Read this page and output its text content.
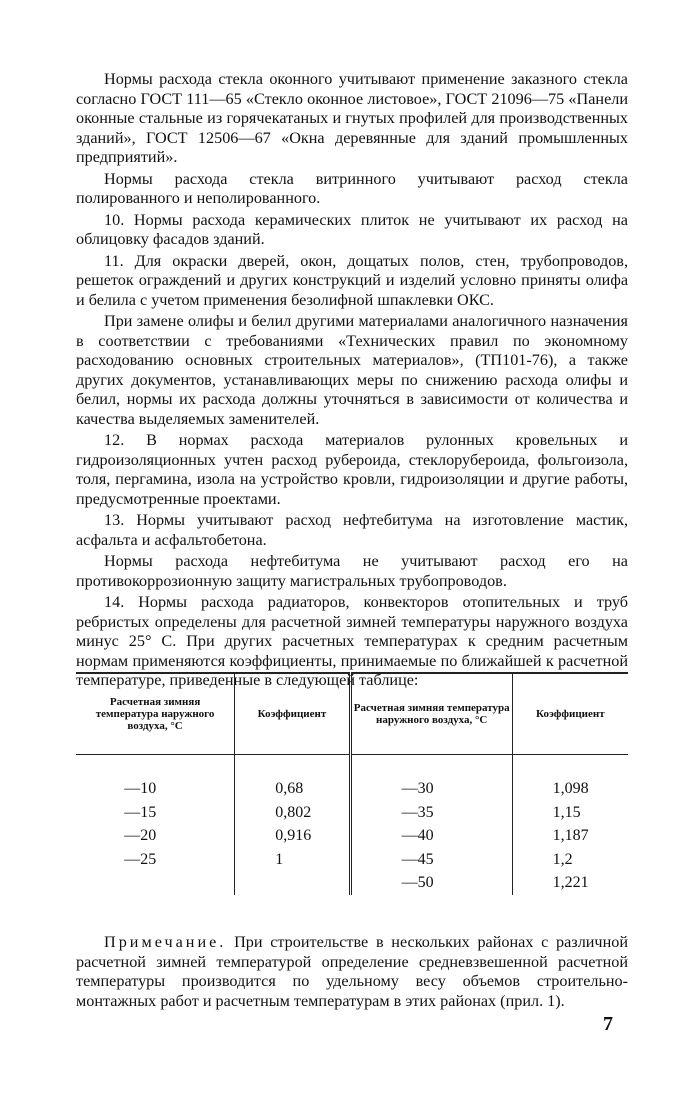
Нормы расхода стекла оконного учитывают применение заказного стекла согласно ГОСТ 111—65 «Стекло оконное листовое», ГОСТ 21096—75 «Панели оконные стальные из горячекатаных и гнутых профилей для производственных зданий», ГОСТ 12506—67 «Окна деревянные для зданий промышленных предприятий».

Нормы расхода стекла витринного учитывают расход стекла полированного и неполированного.

10. Нормы расхода керамических плиток не учитывают их расход на облицовку фасадов зданий.

11. Для окраски дверей, окон, дощатых полов, стен, трубопроводов, решеток ограждений и других конструкций и изделий условно приняты олифа и белила с учетом применения безолифной шпаклевки ОКС.

При замене олифы и белил другими материалами аналогичного назначения в соответствии с требованиями «Технических правил по экономному расходованию основных строительных материалов», (ТП101-76), а также других документов, устанавливающих меры по снижению расхода олифы и белил, нормы их расхода должны уточняться в зависимости от количества и качества выделяемых заменителей.

12. В нормах расхода материалов рулонных кровельных и гидроизоляционных учтен расход рубероида, стеклорубероида, фольгоизола, толя, пергамина, изола на устройство кровли, гидроизоляции и другие работы, предусмотренные проектами.

13. Нормы учитывают расход нефтебитума на изготовление мастик, асфальта и асфальтобетона.

Нормы расхода нефтебитума не учитывают расход его на противокоррозионную защиту магистральных трубопроводов.

14. Нормы расхода радиаторов, конвекторов отопительных и труб ребристых определены для расчетной зимней температуры наружного воздуха минус 25° С. При других расчетных температурах к средним расчетным нормам применяются коэффициенты, принимаемые по ближайшей к расчетной температуре, приведенные в следующей таблице:

Расчетная зимняя температура наружного воздуха, °С	Коэффициент	Расчетная зимняя температура наружного воздуха, °С	Коэффициент
—10	0,68	—30	1,098
—15	0,802	—35	1,15
—20	0,916	—40	1,187
—25	1	—45	1,2
		—50	1,221

Примечание. При строительстве в нескольких районах с различной расчетной зимней температурой определение средневзвешенной расчетной температуры производится по удельному весу объемов строительно-монтажных работ и расчетным температурам в этих районах (прил. 1).

7
